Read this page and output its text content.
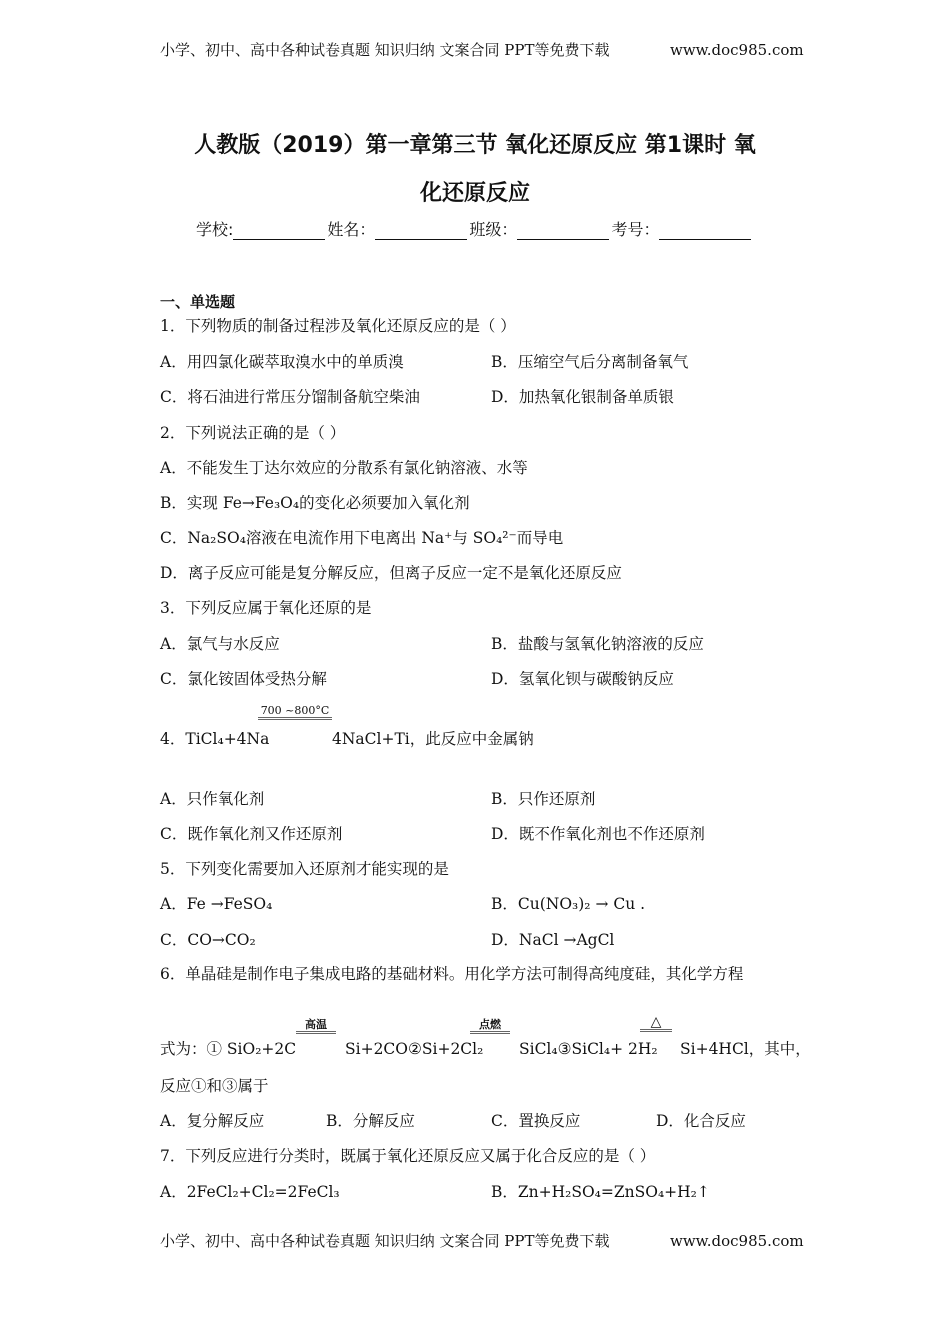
小学、初中、高中各种试卷真题 知识归纳 文案合同 PPT等免费下载	www.doc985.com
人教版（2019）第一章第三节 氧化还原反应 第1课时 氧
化还原反应
学校:	姓名：	班级：	考号：
一、单选题
1．下列物质的制备过程涉及氧化还原反应的是（ ）
A．用四氯化碳萃取溴水中的单质溴	B．压缩空气后分离制备氧气
C．将石油进行常压分馏制备航空柴油	D．加热氧化银制备单质银
2．下列说法正确的是（ ）
A．不能发生丁达尔效应的分散系有氯化钠溶液、水等
B．实现 Fe→Fe₃O₄的变化必须要加入氧化剂
C．Na₂SO₄溶液在电流作用下电离出 Na⁺与 SO₄²⁻而导电
D．离子反应可能是复分解反应，但离子反应一定不是氧化还原反应
3．下列反应属于氧化还原的是
A．氯气与水反应	B．盐酸与氢氧化钠溶液的反应
C．氯化铵固体受热分解	D．氢氧化钡与碳酸钠反应
700 ~800°C
4．TiCl₄+4Na	4NaCl+Ti，此反应中金属钠
A．只作氧化剂	B．只作还原剂
C．既作氧化剂又作还原剂	D．既不作氧化剂也不作还原剂
5．下列变化需要加入还原剂才能实现的是
A．Fe →FeSO₄	B．Cu(NO₃)₂ → Cu .
C．CO→CO₂	D．NaCl →AgCl
6．单晶硅是制作电子集成电路的基础材料。用化学方法可制得高纯度硅，其化学方程
高温	点燃	△
式为：① SiO₂+2C	Si+2CO②Si+2Cl₂ SiCl₄③SiCl₄+ 2H₂ Si+4HCl，其中，
反应①和③属于
A．复分解反应	B．分解反应	C．置换反应	D．化合反应
7．下列反应进行分类时，既属于氧化还原反应又属于化合反应的是（ ）
A．2FeCl₂+Cl₂=2FeCl₃	B．Zn+H₂SO₄=ZnSO₄+H₂↑
小学、初中、高中各种试卷真题 知识归纳 文案合同 PPT等免费下载	www.doc985.com
